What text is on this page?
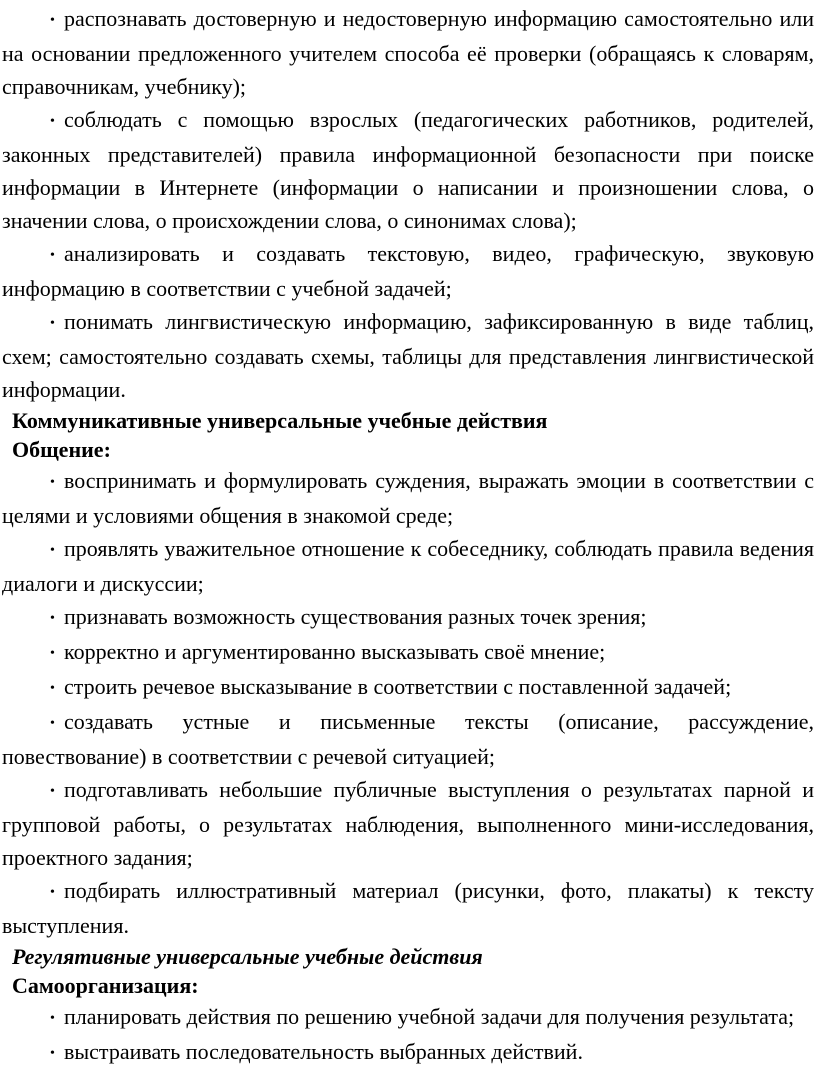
• распознавать достоверную и недостоверную информацию самостоятельно или на основании предложенного учителем способа её проверки (обращаясь к словарям, справочникам, учебнику);

• соблюдать с помощью взрослых (педагогических работников, родителей, законных представителей) правила информационной безопасности при поиске информации в Интернете (информации о написании и произношении слова, о значении слова, о происхождении слова, о синонимах слова);

• анализировать и создавать текстовую, видео, графическую, звуковую информацию в соответствии с учебной задачей;

• понимать лингвистическую информацию, зафиксированную в виде таблиц, схем; самостоятельно создавать схемы, таблицы для представления лингвистической информации.

Коммуникативные универсальные учебные действия

Общение:

• воспринимать и формулировать суждения, выражать эмоции в соответствии с целями и условиями общения в знакомой среде;

• проявлять уважительное отношение к собеседнику, соблюдать правила ведения диалоги и дискуссии;

• признавать возможность существования разных точек зрения;

• корректно и аргументированно высказывать своё мнение;

• строить речевое высказывание в соответствии с поставленной задачей;

• создавать устные и письменные тексты (описание, рассуждение, повествование) в соответствии с речевой ситуацией;

• подготавливать небольшие публичные выступления о результатах парной и групповой работы, о результатах наблюдения, выполненного мини-исследования, проектного задания;

• подбирать иллюстративный материал (рисунки, фото, плакаты) к тексту выступления.

Регулятивные универсальные учебные действия

Самоорганизация:

• планировать действия по решению учебной задачи для получения результата;

• выстраивать последовательность выбранных действий.
